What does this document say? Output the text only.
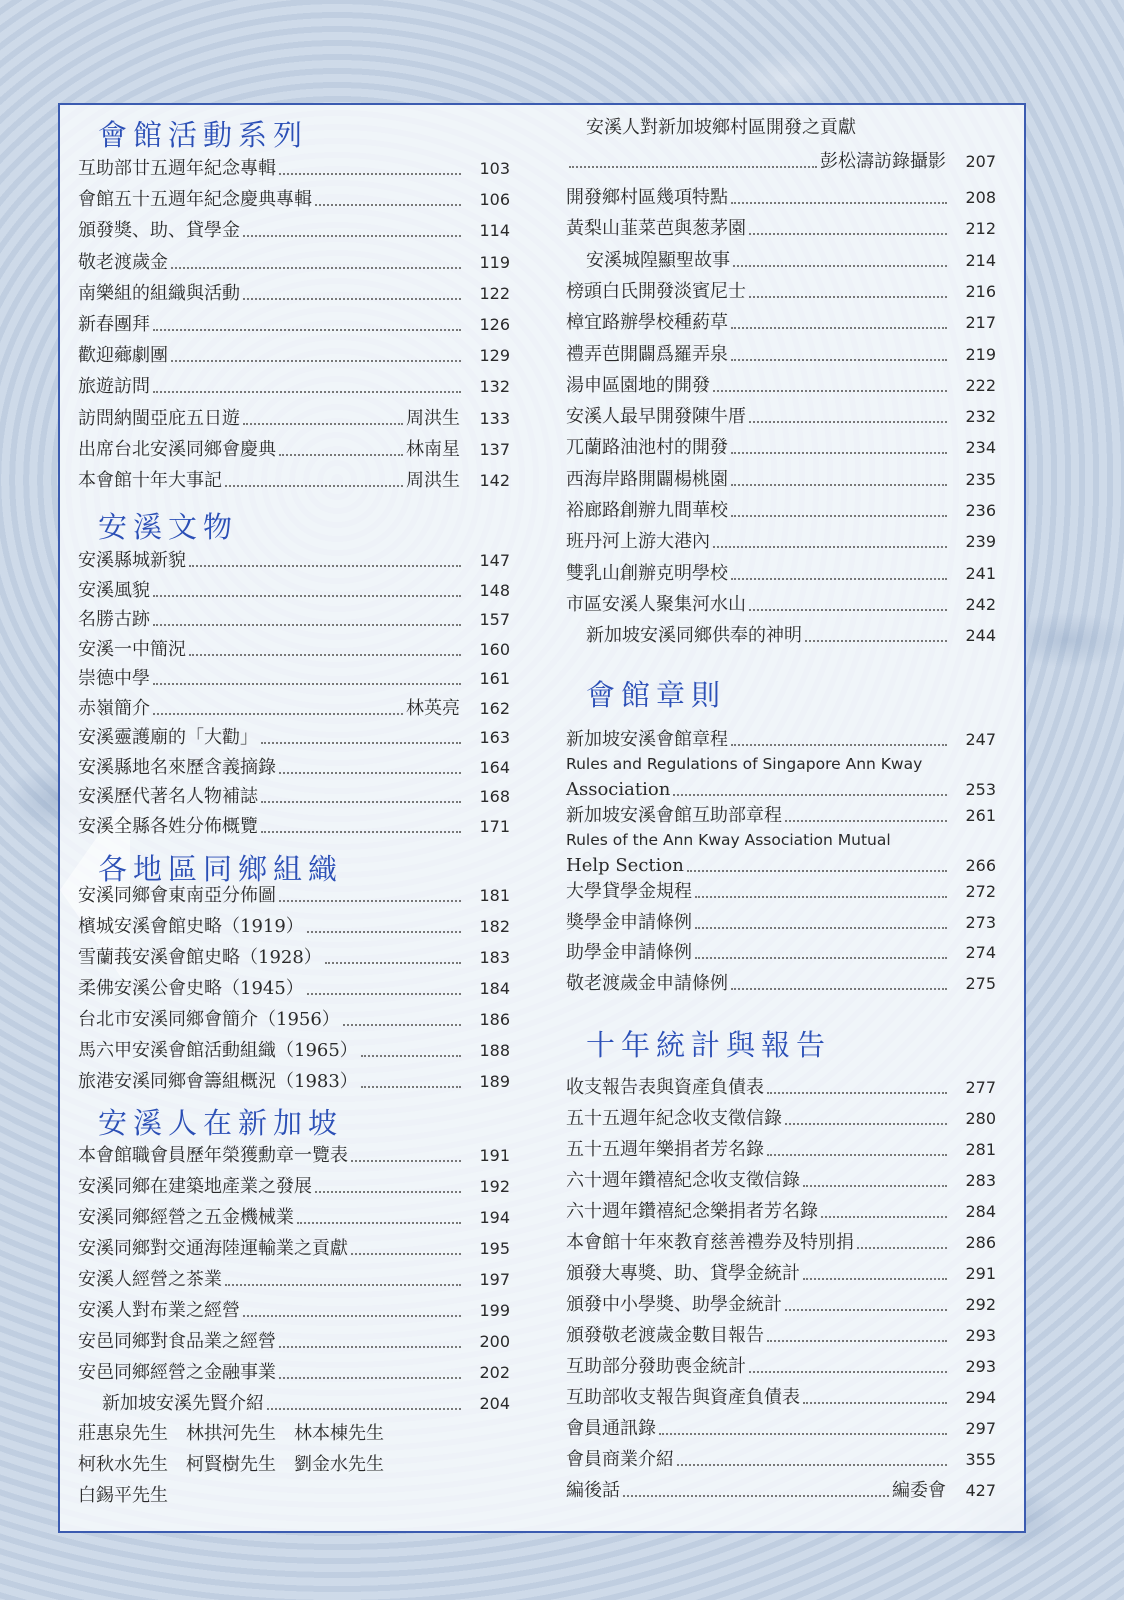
會館活動系列
互助部廿五週年紀念專輯	103
會館五十五週年紀念慶典專輯	106
頒發獎、助、貸學金	114
敬老渡歲金	119
南樂組的組織與活動	122
新春團拜	126
歡迎薌劇團	129
旅遊訪問	132
訪問納閩亞庇五日遊	周洪生	133
出席台北安溪同鄉會慶典	林南星	137
本會館十年大事記	周洪生	142
安溪文物
安溪縣城新貌	147
安溪風貌	148
名勝古跡	157
安溪一中簡況	160
崇德中學	161
赤嶺簡介	林英亮	162
安溪靈護廟的「大勸」	163
安溪縣地名來歷含義摘錄	164
安溪歷代著名人物補誌	168
安溪全縣各姓分佈概覽	171
各地區同鄉組織
安溪同鄉會東南亞分佈圖	181
檳城安溪會館史略（1919）	182
雪蘭莪安溪會館史略（1928）	183
柔佛安溪公會史略（1945）	184
台北市安溪同鄉會簡介（1956）	186
馬六甲安溪會館活動組織（1965）	188
旅港安溪同鄉會籌組概況（1983）	189
安溪人在新加坡
本會館職會員歷年榮獲勳章一覽表	191
安溪同鄉在建築地產業之發展	192
安溪同鄉經營之五金機械業	194
安溪同鄉對交通海陸運輸業之貢獻	195
安溪人經營之茶業	197
安溪人對布業之經營	199
安邑同鄉對食品業之經營	200
安邑同鄉經營之金融事業	202
新加坡安溪先賢介紹	204
莊惠泉先生　林拱河先生　林本棟先生
柯秋水先生　柯賢樹先生　劉金水先生
白錫平先生
安溪人對新加坡鄉村區開發之貢獻
彭松濤訪錄攝影	207
開發鄉村區幾項特點	208
黃梨山韮菜芭與葱茅園	212
安溪城隍顯聖故事	214
榜頭白氏開發淡賓尼士	216
樟宜路辦學校種葯草	217
禮弄芭開闢爲羅弄泉	219
湯申區園地的開發	222
安溪人最早開發陳牛厝	232
兀蘭路油池村的開發	234
西海岸路開闢楊桃園	235
裕廊路創辦九間華校	236
班丹河上游大港內	239
雙乳山創辦克明學校	241
市區安溪人聚集河水山	242
新加坡安溪同鄉供奉的神明	244
會館章則
新加坡安溪會館章程	247
Rules and Regulations of Singapore Ann Kway
Association	253
新加坡安溪會館互助部章程	261
Rules of the Ann Kway Association Mutual
Help Section	266
大學貸學金規程	272
獎學金申請條例	273
助學金申請條例	274
敬老渡歲金申請條例	275
十年統計與報告
收支報告表與資產負債表	277
五十五週年紀念收支徵信錄	280
五十五週年樂捐者芳名錄	281
六十週年鑽禧紀念收支徵信錄	283
六十週年鑽禧紀念樂捐者芳名錄	284
本會館十年來教育慈善禮券及特別捐	286
頒發大專獎、助、貸學金統計	291
頒發中小學獎、助學金統計	292
頒發敬老渡歲金數目報告	293
互助部分發助喪金統計	293
互助部收支報告與資產負債表	294
會員通訊錄	297
會員商業介紹	355
編後話	編委會	427
